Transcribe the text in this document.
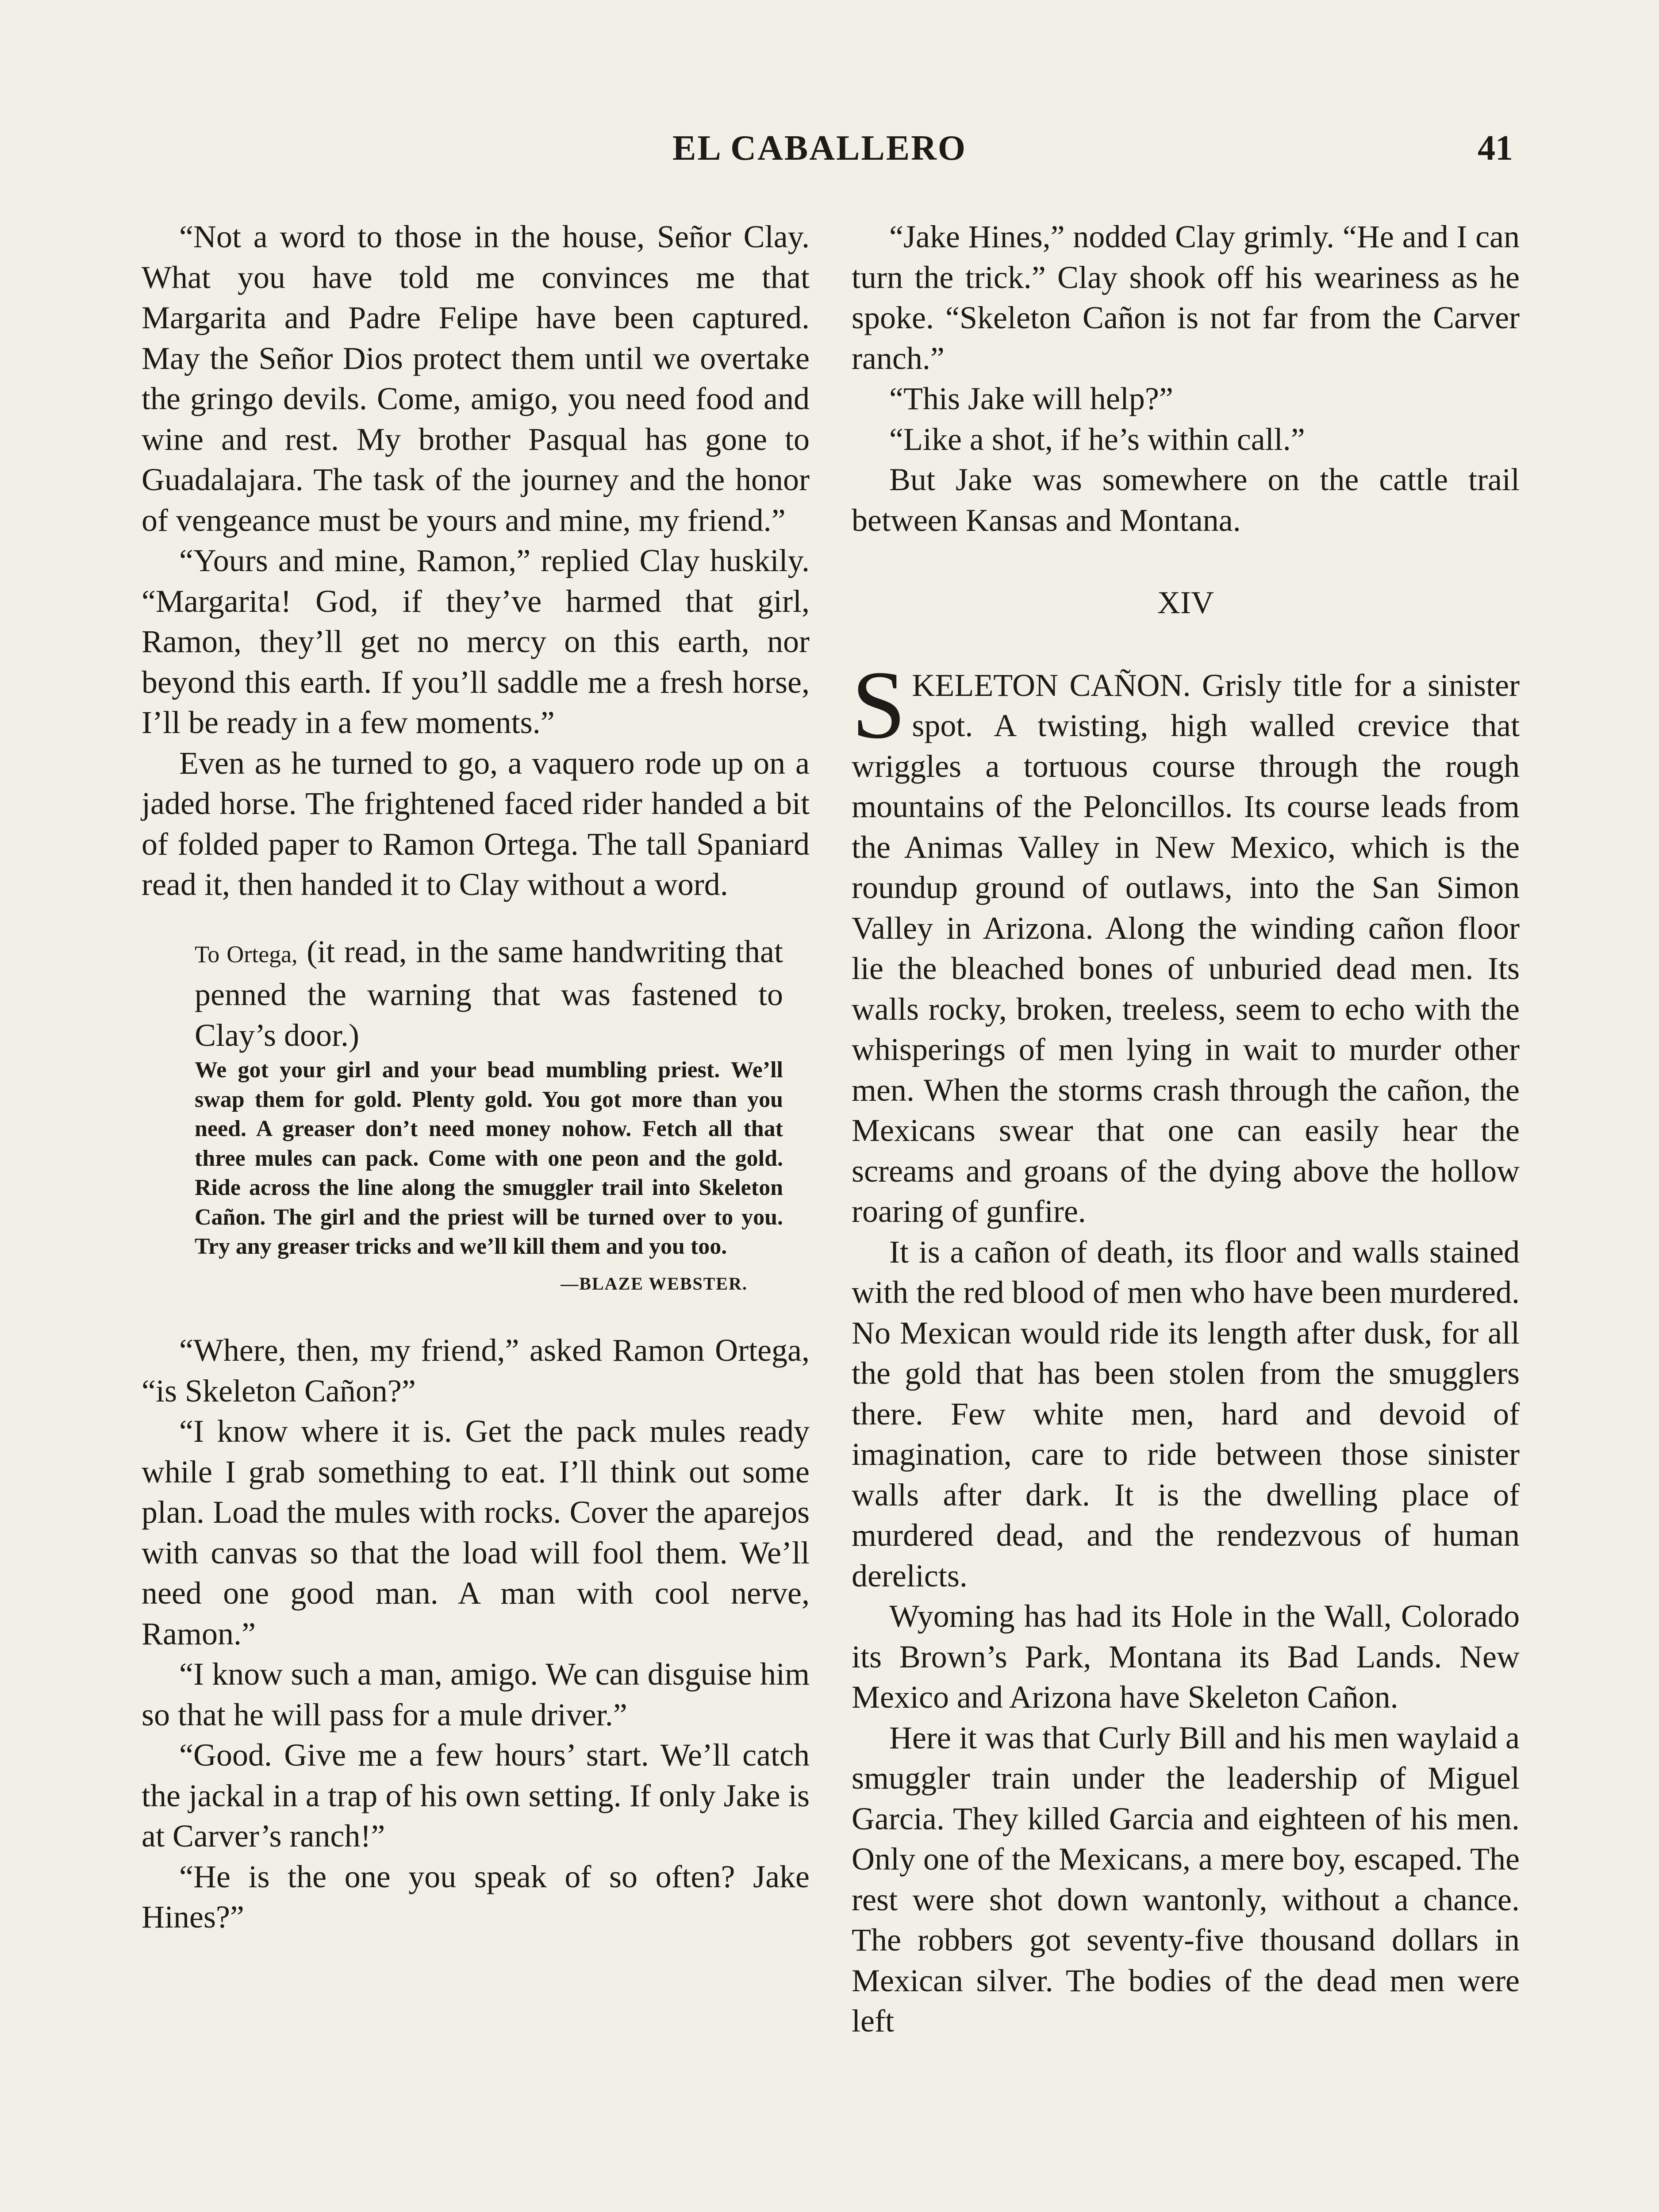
EL CABALLERO	41

“Not a word to those in the house, Señor Clay. What you have told me convinces me that Margarita and Padre Felipe have been captured. May the Señor Dios protect them until we overtake the gringo devils. Come, amigo, you need food and wine and rest. My brother Pasqual has gone to Guadalajara. The task of the journey and the honor of vengeance must be yours and mine, my friend.”

“Yours and mine, Ramon,” replied Clay huskily. “Margarita! God, if they’ve harmed that girl, Ramon, they’ll get no mercy on this earth, nor beyond this earth. If you’ll saddle me a fresh horse, I’ll be ready in a few moments.”

Even as he turned to go, a vaquero rode up on a jaded horse. The frightened faced rider handed a bit of folded paper to Ramon Ortega. The tall Spaniard read it, then handed it to Clay without a word.

To Ortega, (it read, in the same handwriting that penned the warning that was fastened to Clay’s door.)

We got your girl and your bead mumbling priest. We’ll swap them for gold. Plenty gold. You got more than you need. A greaser don’t need money nohow. Fetch all that three mules can pack. Come with one peon and the gold. Ride across the line along the smuggler trail into Skeleton Cañon. The girl and the priest will be turned over to you. Try any greaser tricks and we’ll kill them and you too.

—BLAZE WEBSTER.

“Where, then, my friend,” asked Ramon Ortega, “is Skeleton Cañon?”

“I know where it is. Get the pack mules ready while I grab something to eat. I’ll think out some plan. Load the mules with rocks. Cover the aparejos with canvas so that the load will fool them. We’ll need one good man. A man with cool nerve, Ramon.”

“I know such a man, amigo. We can disguise him so that he will pass for a mule driver.”

“Good. Give me a few hours’ start. We’ll catch the jackal in a trap of his own setting. If only Jake is at Carver’s ranch!”

“He is the one you speak of so often? Jake Hines?”

“Jake Hines,” nodded Clay grimly. “He and I can turn the trick.” Clay shook off his weariness as he spoke. “Skeleton Cañon is not far from the Carver ranch.”

“This Jake will help?”

“Like a shot, if he’s within call.”

But Jake was somewhere on the cattle trail between Kansas and Montana.

XIV

SKELETON CAÑON. Grisly title for a sinister spot. A twisting, high walled crevice that wriggles a tortuous course through the rough mountains of the Peloncillos. Its course leads from the Animas Valley in New Mexico, which is the roundup ground of outlaws, into the San Simon Valley in Arizona. Along the winding cañon floor lie the bleached bones of unburied dead men. Its walls rocky, broken, treeless, seem to echo with the whisperings of men lying in wait to murder other men. When the storms crash through the cañon, the Mexicans swear that one can easily hear the screams and groans of the dying above the hollow roaring of gunfire.

It is a cañon of death, its floor and walls stained with the red blood of men who have been murdered. No Mexican would ride its length after dusk, for all the gold that has been stolen from the smugglers there. Few white men, hard and devoid of imagination, care to ride between those sinister walls after dark. It is the dwelling place of murdered dead, and the rendezvous of human derelicts.

Wyoming has had its Hole in the Wall, Colorado its Brown’s Park, Montana its Bad Lands. New Mexico and Arizona have Skeleton Cañon.

Here it was that Curly Bill and his men waylaid a smuggler train under the leadership of Miguel Garcia. They killed Garcia and eighteen of his men. Only one of the Mexicans, a mere boy, escaped. The rest were shot down wantonly, without a chance. The robbers got seventy-five thousand dollars in Mexican silver. The bodies of the dead men were left
